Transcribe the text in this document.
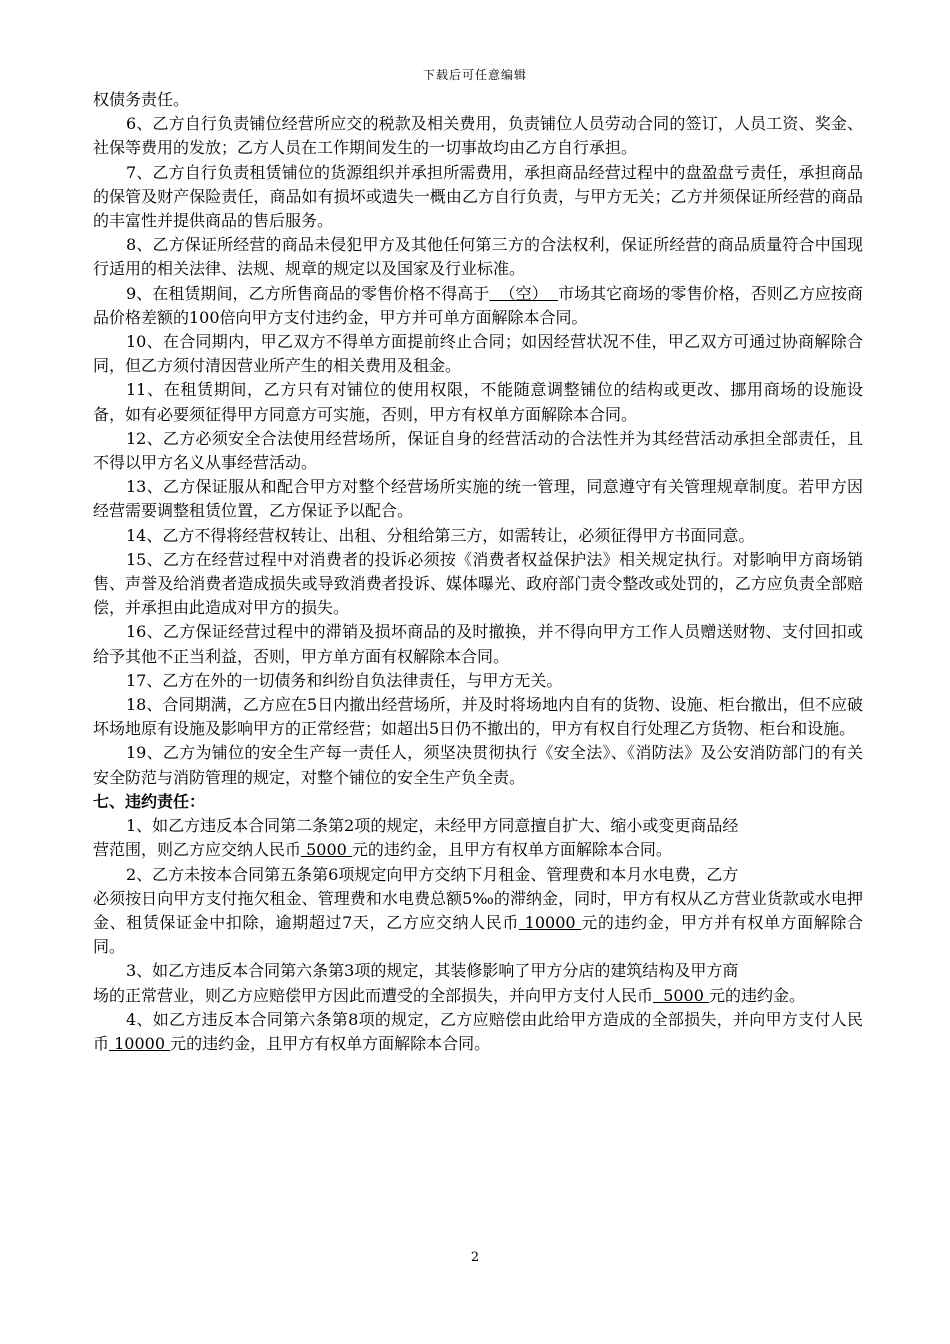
下载后可任意编辑

权债务责任。

6、乙方自行负责铺位经营所应交的税款及相关费用，负责铺位人员劳动合同的签订，人员工资、奖金、社保等费用的发放；乙方人员在工作期间发生的一切事故均由乙方自行承担。

7、乙方自行负责租赁铺位的货源组织并承担所需费用，承担商品经营过程中的盘盈盘亏责任，承担商品的保管及财产保险责任，商品如有损坏或遗失一概由乙方自行负责，与甲方无关；乙方并须保证所经营的商品的丰富性并提供商品的售后服务。

8、乙方保证所经营的商品未侵犯甲方及其他任何第三方的合法权利，保证所经营的商品质量符合中国现行适用的相关法律、法规、规章的规定以及国家及行业标准。

9、在租赁期间，乙方所售商品的零售价格不得高于  （空）  市场其它商场的零售价格，否则乙方应按商品价格差额的100倍向甲方支付违约金，甲方并可单方面解除本合同。

10、在合同期内，甲乙双方不得单方面提前终止合同；如因经营状况不佳，甲乙双方可通过协商解除合同，但乙方须付清因营业所产生的相关费用及租金。

11、在租赁期间，乙方只有对铺位的使用权限，不能随意调整铺位的结构或更改、挪用商场的设施设备，如有必要须征得甲方同意方可实施，否则，甲方有权单方面解除本合同。

12、乙方必须安全合法使用经营场所，保证自身的经营活动的合法性并为其经营活动承担全部责任，且不得以甲方名义从事经营活动。

13、乙方保证服从和配合甲方对整个经营场所实施的统一管理，同意遵守有关管理规章制度。若甲方因经营需要调整租赁位置，乙方保证予以配合。

14、乙方不得将经营权转让、出租、分租给第三方，如需转让，必须征得甲方书面同意。

15、乙方在经营过程中对消费者的投诉必须按《消费者权益保护法》相关规定执行。对影响甲方商场销售、声誉及给消费者造成损失或导致消费者投诉、媒体曝光、政府部门责令整改或处罚的，乙方应负责全部赔偿，并承担由此造成对甲方的损失。

16、乙方保证经营过程中的滞销及损坏商品的及时撤换，并不得向甲方工作人员赠送财物、支付回扣或给予其他不正当利益，否则，甲方单方面有权解除本合同。

17、乙方在外的一切债务和纠纷自负法律责任，与甲方无关。

18、合同期满，乙方应在5日内撤出经营场所，并及时将场地内自有的货物、设施、柜台撤出，但不应破坏场地原有设施及影响甲方的正常经营；如超出5日仍不撤出的，甲方有权自行处理乙方货物、柜台和设施。

19、乙方为铺位的安全生产每一责任人，须坚决贯彻执行《安全法》、《消防法》及公安消防部门的有关安全防范与消防管理的规定，对整个铺位的安全生产负全责。

七、违约责任：

1、如乙方违反本合同第二条第2项的规定，未经甲方同意擅自扩大、缩小或变更商品经

营范围，则乙方应交纳人民币 5000 元的违约金，且甲方有权单方面解除本合同。

2、乙方未按本合同第五条第6项规定向甲方交纳下月租金、管理费和本月水电费，乙方

必须按日向甲方支付拖欠租金、管理费和水电费总额5‰的滞纳金，同时，甲方有权从乙方营业货款或水电押金、租赁保证金中扣除，逾期超过7天，乙方应交纳人民币 10000 元的违约金，甲方并有权单方面解除合同。

3、如乙方违反本合同第六条第3项的规定，其装修影响了甲方分店的建筑结构及甲方商

场的正常营业，则乙方应赔偿甲方因此而遭受的全部损失，并向甲方支付人民币  5000 元的违约金。

4、如乙方违反本合同第六条第8项的规定，乙方应赔偿由此给甲方造成的全部损失，并向甲方支付人民币 10000 元的违约金，且甲方有权单方面解除本合同。

2
